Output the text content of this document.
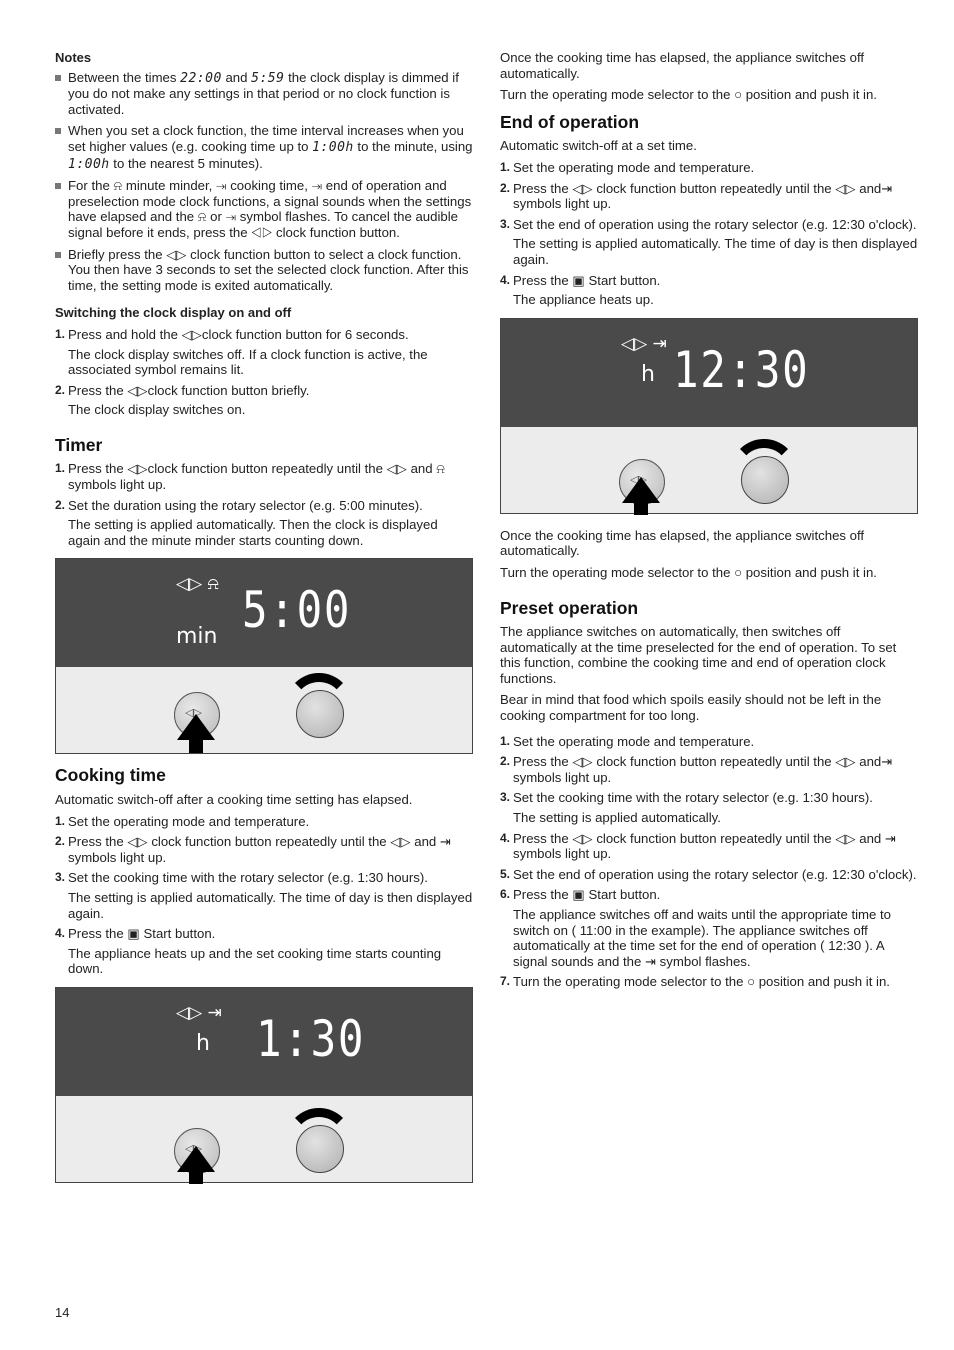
Notes
Between the times 22:00 and 5:59 the clock display is dimmed if you do not make any settings in that period or no clock function is activated.
When you set a clock function, the time interval increases when you set higher values (e.g. cooking time up to 1:00h to the minute, using 1:00h to the nearest 5 minutes).
For the ⍾ minute minder, ⇥ cooking time, ⇥ end of operation and preselection mode clock functions, a signal sounds when the settings have elapsed and the ⍾ or ⇥ symbol flashes. To cancel the audible signal before it ends, press the ◁▷ clock function button.
Briefly press the ◁▷ clock function button to select a clock function. You then have 3 seconds to set the selected clock function. After this time, the setting mode is exited automatically.
Switching the clock display on and off
1. Press and hold the ◁▷clock function button for 6 seconds.
The clock display switches off. If a clock function is active, the associated symbol remains lit.
2. Press the ◁▷clock function button briefly.
The clock display switches on.
Timer
1. Press the ◁▷clock function button repeatedly until the ◁▷ and ⍾ symbols light up.
2. Set the duration using the rotary selector (e.g. 5:00 minutes).
The setting is applied automatically. Then the clock is displayed again and the minute minder starts counting down.
◁▷ ⍾
min 5:00
◁▷
Cooking time

Automatic switch-off after a cooking time setting has elapsed.

1. Set the operating mode and temperature.
2. Press the ◁▷ clock function button repeatedly until the ◁▷ and ⇥ symbols light up.
3. Set the cooking time with the rotary selector (e.g. 1:30 hours).
The setting is applied automatically. The time of day is then displayed again.
4. Press the ▣ Start button.
The appliance heats up and the set cooking time starts counting down.
◁▷ ⇥
h 1:30
◁▷

Once the cooking time has elapsed, the appliance switches off automatically.

Turn the operating mode selector to the ○ position and push it in.

End of operation

Automatic switch-off at a set time.

1. Set the operating mode and temperature.
2. Press the ◁▷ clock function button repeatedly until the ◁▷ and⇥ symbols light up.
3. Set the end of operation using the rotary selector (e.g. 12:30 o'clock).
The setting is applied automatically. The time of day is then displayed again.
4. Press the ▣ Start button.
The appliance heats up.
◁▷ ⇥
h 12:30
◁▷

Once the cooking time has elapsed, the appliance switches off automatically.

Turn the operating mode selector to the ○ position and push it in.

Preset operation

The appliance switches on automatically, then switches off automatically at the time preselected for the end of operation. To set this function, combine the cooking time and end of operation clock functions.

Bear in mind that food which spoils easily should not be left in the cooking compartment for too long.

1. Set the operating mode and temperature.
2. Press the ◁▷ clock function button repeatedly until the ◁▷ and⇥ symbols light up.
3. Set the cooking time with the rotary selector (e.g. 1:30 hours).
The setting is applied automatically.
4. Press the ◁▷ clock function button repeatedly until the ◁▷ and ⇥ symbols light up.
5. Set the end of operation using the rotary selector (e.g. 12:30 o'clock).
6. Press the ▣ Start button.
The appliance switches off and waits until the appropriate time to switch on ( 11:00 in the example). The appliance switches off automatically at the time set for the end of operation ( 12:30 ). A signal sounds and the ⇥ symbol flashes.
7. Turn the operating mode selector to the ○ position and push it in.
14
